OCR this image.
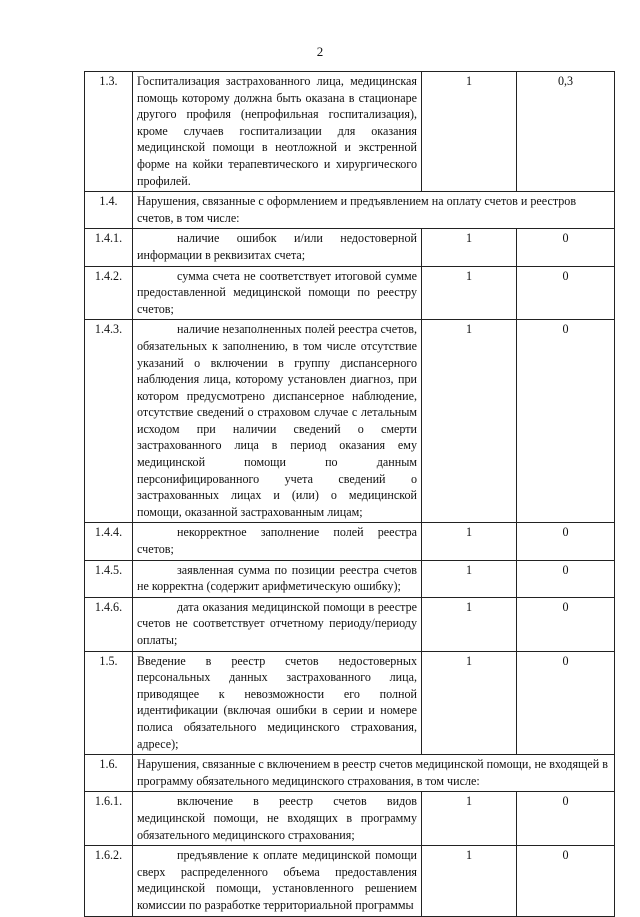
2
1.3.	Госпитализация застрахованного лица, медицинская помощь которому должна быть оказана в стационаре другого профиля (непрофильная госпитализация), кроме случаев госпитализации для оказания медицинской помощи в неотложной и экстренной форме на койки терапевтического и хирургического профилей.	1	0,3
1.4.	Нарушения, связанные с оформлением и предъявлением на оплату счетов и реестров счетов, в том числе:		
1.4.1.	наличие ошибок и/или недостоверной информации в реквизитах счета;	1	0
1.4.2.	сумма счета не соответствует итоговой сумме предоставленной медицинской помощи по реестру счетов;	1	0
1.4.3.	наличие незаполненных полей реестра счетов, обязательных к заполнению, в том числе отсутствие указаний о включении в группу диспансерного наблюдения лица, которому установлен диагноз, при котором предусмотрено диспансерное наблюдение, отсутствие сведений о страховом случае с летальным исходом при наличии сведений о смерти застрахованного лица в период оказания ему медицинской помощи по данным персонифицированного учета сведений о застрахованных лицах и (или) о медицинской помощи, оказанной застрахованным лицам;	1	0
1.4.4.	некорректное заполнение полей реестра счетов;	1	0
1.4.5.	заявленная сумма по позиции реестра счетов не корректна (содержит арифметическую ошибку);	1	0
1.4.6.	дата оказания медицинской помощи в реестре счетов не соответствует отчетному периоду/периоду оплаты;	1	0
1.5.	Введение в реестр счетов недостоверных персональных данных застрахованного лица, приводящее к невозможности его полной идентификации (включая ошибки в серии и номере полиса обязательного медицинского страхования, адресе);	1	0
1.6.	Нарушения, связанные с включением в реестр счетов медицинской помощи, не входящей в программу обязательного медицинского страхования, в том числе:		
1.6.1.	включение в реестр счетов видов медицинской помощи, не входящих в программу обязательного медицинского страхования;	1	0
1.6.2.	предъявление к оплате медицинской помощи сверх распределенного объема предоставления медицинской помощи, установленного решением комиссии по разработке территориальной программы	1	0
